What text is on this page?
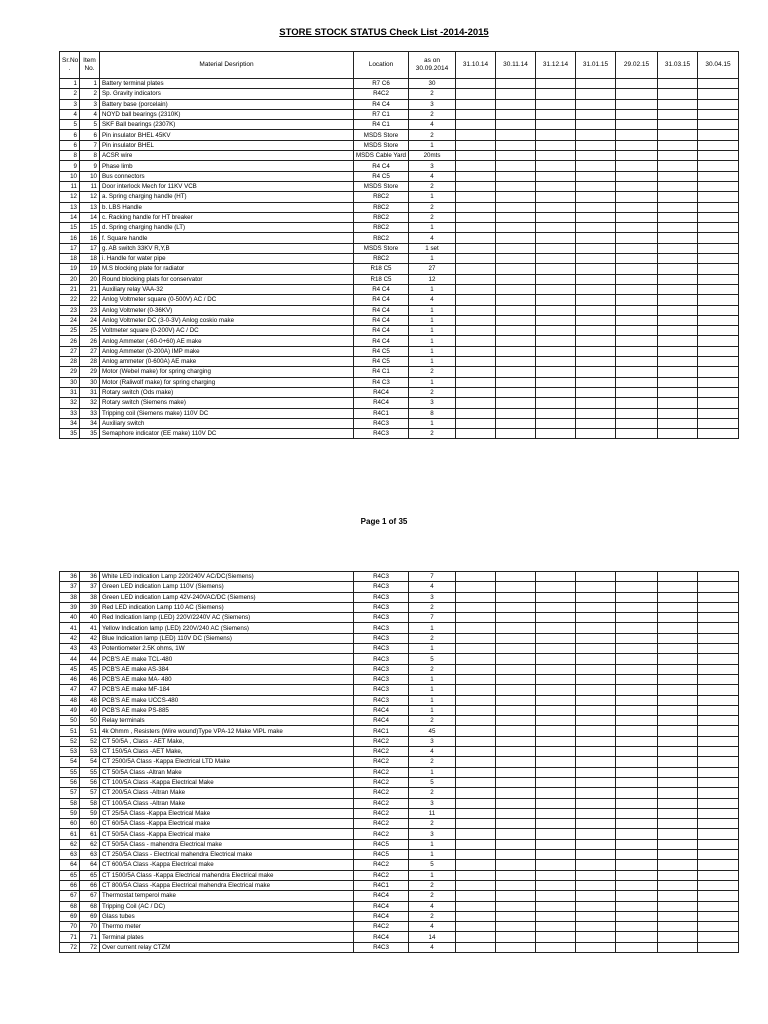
STORE STOCK STATUS Check List -2014-2015
Sr.No .	Item No.	Material Desription	Location	as on 30.09.2014	31.10.14	30.11.14	31.12.14	31.01.15	29.02.15	31.03.15	30.04.15
1	1	Battery terminal plates	R7 C6	30							
2	2	Sp. Gravity indicators	R4C2	2							
3	3	Battery base (porcelain)	R4 C4	3							
4	4	NOYD ball bearings (2310K)	R7 C1	2							
5	5	SKF Ball bearings (2307K)	R4 C1	4							
6	6	Pin insulator BHEL 45KV	MSDS Store	2							
6	7	Pin insulator BHEL	MSDS Store	1							
8	8	ACSR wire	MSDS Cable Yard	20mts							
9	9	Phase limb	R4 C4	3							
10	10	Bus connectors	R4 C5	4							
11	11	Door interlock Mech for 11KV VCB	MSDS Store	2							
12	12	a. Spring charging handle (HT)	R8C2	1							
13	13	b. LBS Handle	R8C2	2							
14	14	c. Racking handle for HT breaker	R8C2	2							
15	15	d. Spring charging handle (LT)	R8C2	1							
16	16	f. Square handle	R8C2	4							
17	17	g. AB switch 33KV R,Y,B	MSDS Store	1 set							
18	18	i. Handle for water pipe	R8C2	1							
19	19	M.S blocking plate for radiator	R18 C5	27							
20	20	Round blocking plats for conservator	R18 C5	12							
21	21	Auxiliary relay VAA-32	R4 C4	1							
22	22	Anlog Voltmeter square (0-500V) AC / DC	R4 C4	4							
23	23	Anlog Voltmeter (0-36KV)	R4 C4	1							
24	24	Anlog Voltmeter DC (3-0-3V) Anlog coskio make	R4 C4	1							
25	25	Voltmeter square (0-200V) AC / DC	R4 C4	1							
26	26	Anlog Ammeter (-60-0+60) AE make	R4 C4	1							
27	27	Anlog Ammeter (0-200A) IMP make	R4 C5	1							
28	28	Anlog ammeter (0-600A) AE make	R4 C5	1							
29	29	Motor (Webel make) for spring charging	R4 C1	2							
30	30	Motor (Raliwolf make) for spring charging	R4 C3	1							
31	31	Rotary switch (Ods make)	R4C4	2							
32	32	Rotary switch (Siemens make)	R4C4	3							
33	33	Tripping coil (Siemens make) 110V DC	R4C1	8							
34	34	Auxiliary switch	R4C3	1							
35	35	Semaphore indicator (EE make) 110V DC	R4C3	2							
Page 1 of 35
36	36	White LED indication Lamp 220/240V AC/DC(Siemens)	R4C3	7							
37	37	Green LED indication Lamp 110V (Siemens)	R4C3	4							
38	38	Green LED indication Lamp 42V-240VAC/DC (Siemens)	R4C3	3							
39	39	Red LED indication Lamp 110 AC (Siemens)	R4C3	2							
40	40	Red Indication lamp (LED) 220V/2240V AC (Siemens)	R4C3	7							
41	41	Yellow Indication lamp (LED) 220V/240 AC (Siemens)	R4C3	1							
42	42	Blue Indication lamp (LED) 110V DC (Siemens)	R4C3	2							
43	43	Potentiometer 2.5K ohms, 1W	R4C3	1							
44	44	PCB'S AE make TCL-480	R4C3	5							
45	45	PCB'S AE make AS-384	R4C3	2							
46	46	PCB'S AE make MA- 480	R4C3	1							
47	47	PCB'S AE make MF-184	R4C3	1							
48	48	PCB'S AE make UCCS-480	R4C3	1							
49	49	PCB'S AE make PS-885	R4C4	1							
50	50	Relay terminals	R4C4	2							
51	51	4k Ohmm , Resisters (Wire wound)Type VPA-12 Make VIPL make	R4C1	45							
52	52	CT 50/5A , Class - AET Make,	R4C2	3							
53	53	CT 150/5A Class -AET Make,	R4C2	4							
54	54	CT 2500/5A Class -Kappa Electrical LTD Make	R4C2	2							
55	55	CT 50/5A Class -Altran Make	R4C2	1							
56	56	CT 100/5A Class -Kappa Electrical Make	R4C2	5							
57	57	CT 200/5A Class -Altran Make	R4C2	2							
58	58	CT 100/5A Class -Altran Make	R4C2	3							
59	59	CT 25/5A Class -Kappa Electrical Make	R4C2	11							
60	60	CT 60/5A Class -Kappa Electrical make	R4C2	2							
61	61	CT 50/5A Class -Kappa Electrical make	R4C2	3							
62	62	CT 50/5A Class - mahendra Electrical make	R4C5	1							
63	63	CT 250/5A Class - Electrical mahendra Electrical make	R4C5	1							
64	64	CT 600/5A Class -Kappa Electrical make	R4C2	5							
65	65	CT 1500/5A Class -Kappa Electrical mahendra Electrical make	R4C2	1							
66	66	CT 800/5A Class -Kappa Electrical mahendra Electrical make	R4C1	2							
67	67	Thermostat temperol make	R4C4	2							
68	68	Tripping Coil (AC / DC)	R4C4	4							
69	69	Glass tubes	R4C4	2							
70	70	Thermo meter	R4C2	4							
71	71	Terminal plates	R4C4	14							
72	72	Over current relay CTZM	R4C3	4							
